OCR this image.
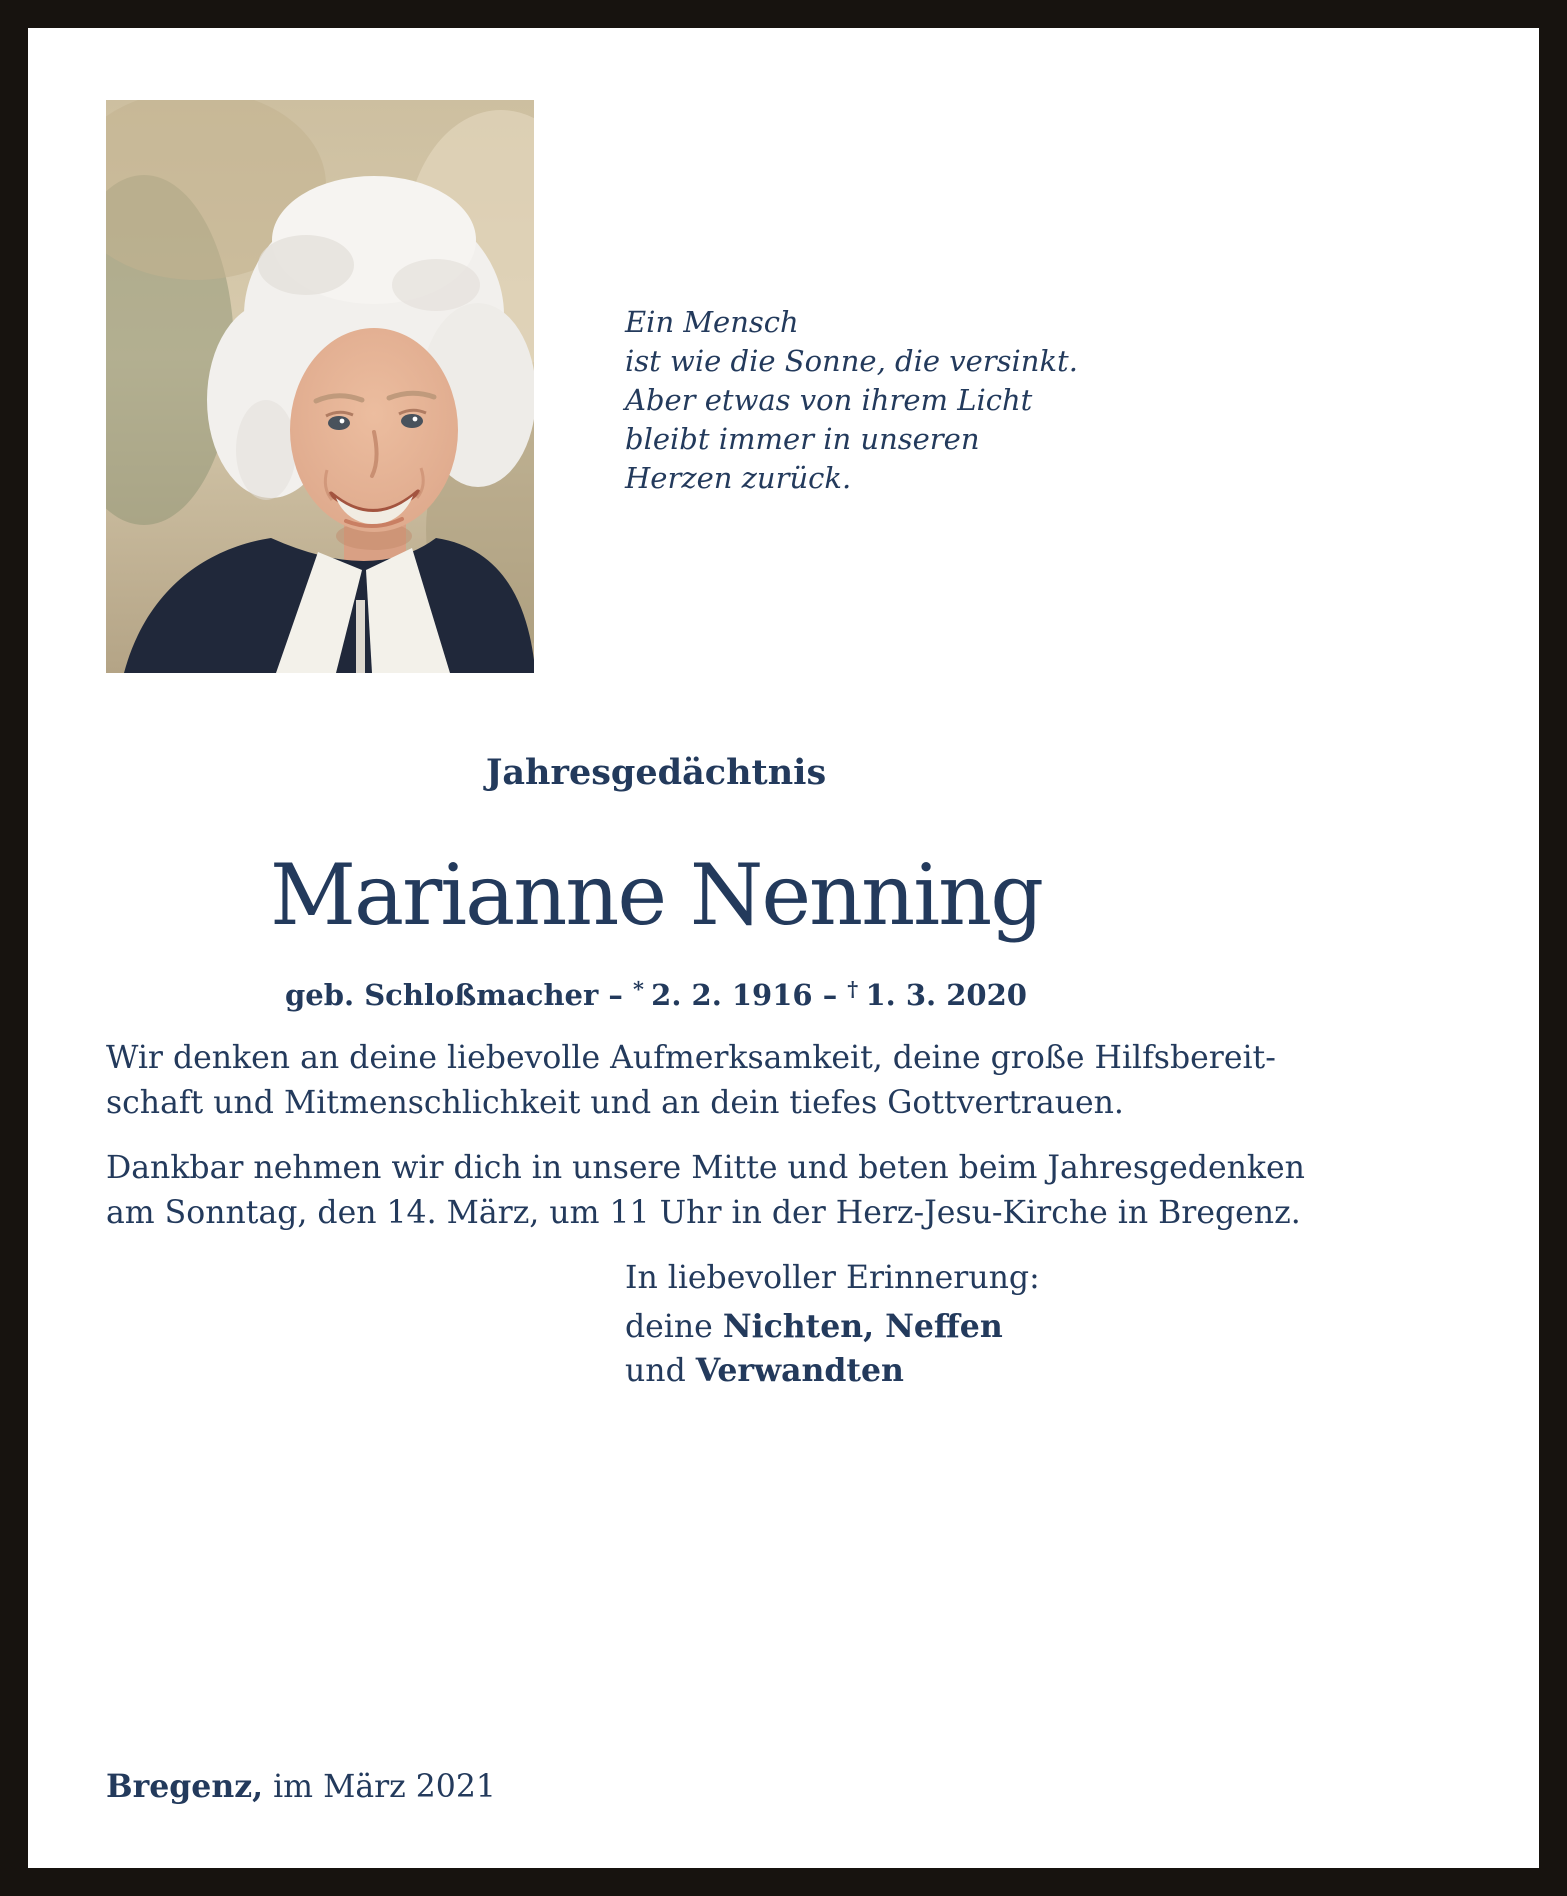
Ein Mensch
ist wie die Sonne, die versinkt.
Aber etwas von ihrem Licht
bleibt immer in unseren
Herzen zurück.
Jahresgedächtnis
Marianne Nenning
geb. Schloßmacher – * 2. 2. 1916 – † 1. 3. 2020
Wir denken an deine liebevolle Aufmerksamkeit, deine große Hilfsbereit-
schaft und Mitmenschlichkeit und an dein tiefes Gottvertrauen.
Dankbar nehmen wir dich in unsere Mitte und beten beim Jahresgedenken
am Sonntag, den 14. März, um 11 Uhr in der Herz-Jesu-Kirche in Bregenz.
In liebevoller Erinnerung:
deine Nichten, Neffen
und Verwandten
Bregenz, im März 2021
